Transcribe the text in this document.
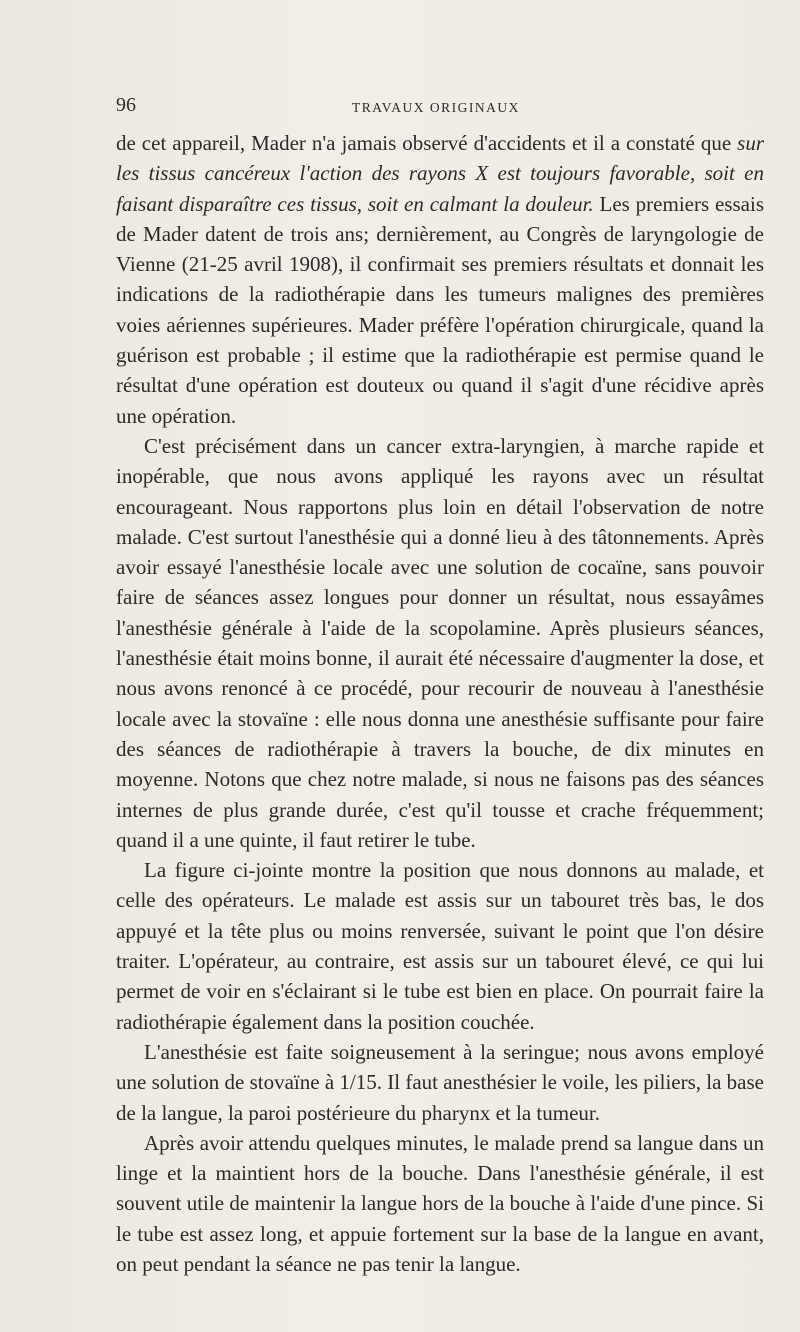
96	TRAVAUX ORIGINAUX

de cet appareil, Mader n'a jamais observé d'accidents et il a constaté que sur les tissus cancéreux l'action des rayons X est toujours favorable, soit en faisant disparaître ces tissus, soit en calmant la douleur. Les premiers essais de Mader datent de trois ans; dernièrement, au Congrès de laryngologie de Vienne (21-25 avril 1908), il confirmait ses premiers résultats et donnait les indications de la radiothérapie dans les tumeurs malignes des premières voies aériennes supérieures. Mader préfère l'opération chirurgicale, quand la guérison est probable ; il estime que la radiothérapie est permise quand le résultat d'une opération est douteux ou quand il s'agit d'une récidive après une opération.

C'est précisément dans un cancer extra-laryngien, à marche rapide et inopérable, que nous avons appliqué les rayons avec un résultat encourageant. Nous rapportons plus loin en détail l'observation de notre malade. C'est surtout l'anesthésie qui a donné lieu à des tâtonnements. Après avoir essayé l'anesthésie locale avec une solution de cocaïne, sans pouvoir faire de séances assez longues pour donner un résultat, nous essayâmes l'anesthésie générale à l'aide de la scopolamine. Après plusieurs séances, l'anesthésie était moins bonne, il aurait été nécessaire d'augmenter la dose, et nous avons renoncé à ce procédé, pour recourir de nouveau à l'anesthésie locale avec la stovaïne : elle nous donna une anesthésie suffisante pour faire des séances de radiothérapie à travers la bouche, de dix minutes en moyenne. Notons que chez notre malade, si nous ne faisons pas des séances internes de plus grande durée, c'est qu'il tousse et crache fréquemment; quand il a une quinte, il faut retirer le tube.

La figure ci-jointe montre la position que nous donnons au malade, et celle des opérateurs. Le malade est assis sur un tabouret très bas, le dos appuyé et la tête plus ou moins renversée, suivant le point que l'on désire traiter. L'opérateur, au contraire, est assis sur un tabouret élevé, ce qui lui permet de voir en s'éclairant si le tube est bien en place. On pourrait faire la radiothérapie également dans la position couchée.

L'anesthésie est faite soigneusement à la seringue; nous avons employé une solution de stovaïne à 1/15. Il faut anesthésier le voile, les piliers, la base de la langue, la paroi postérieure du pharynx et la tumeur.

Après avoir attendu quelques minutes, le malade prend sa langue dans un linge et la maintient hors de la bouche. Dans l'anesthésie générale, il est souvent utile de maintenir la langue hors de la bouche à l'aide d'une pince. Si le tube est assez long, et appuie fortement sur la base de la langue en avant, on peut pendant la séance ne pas tenir la langue.
